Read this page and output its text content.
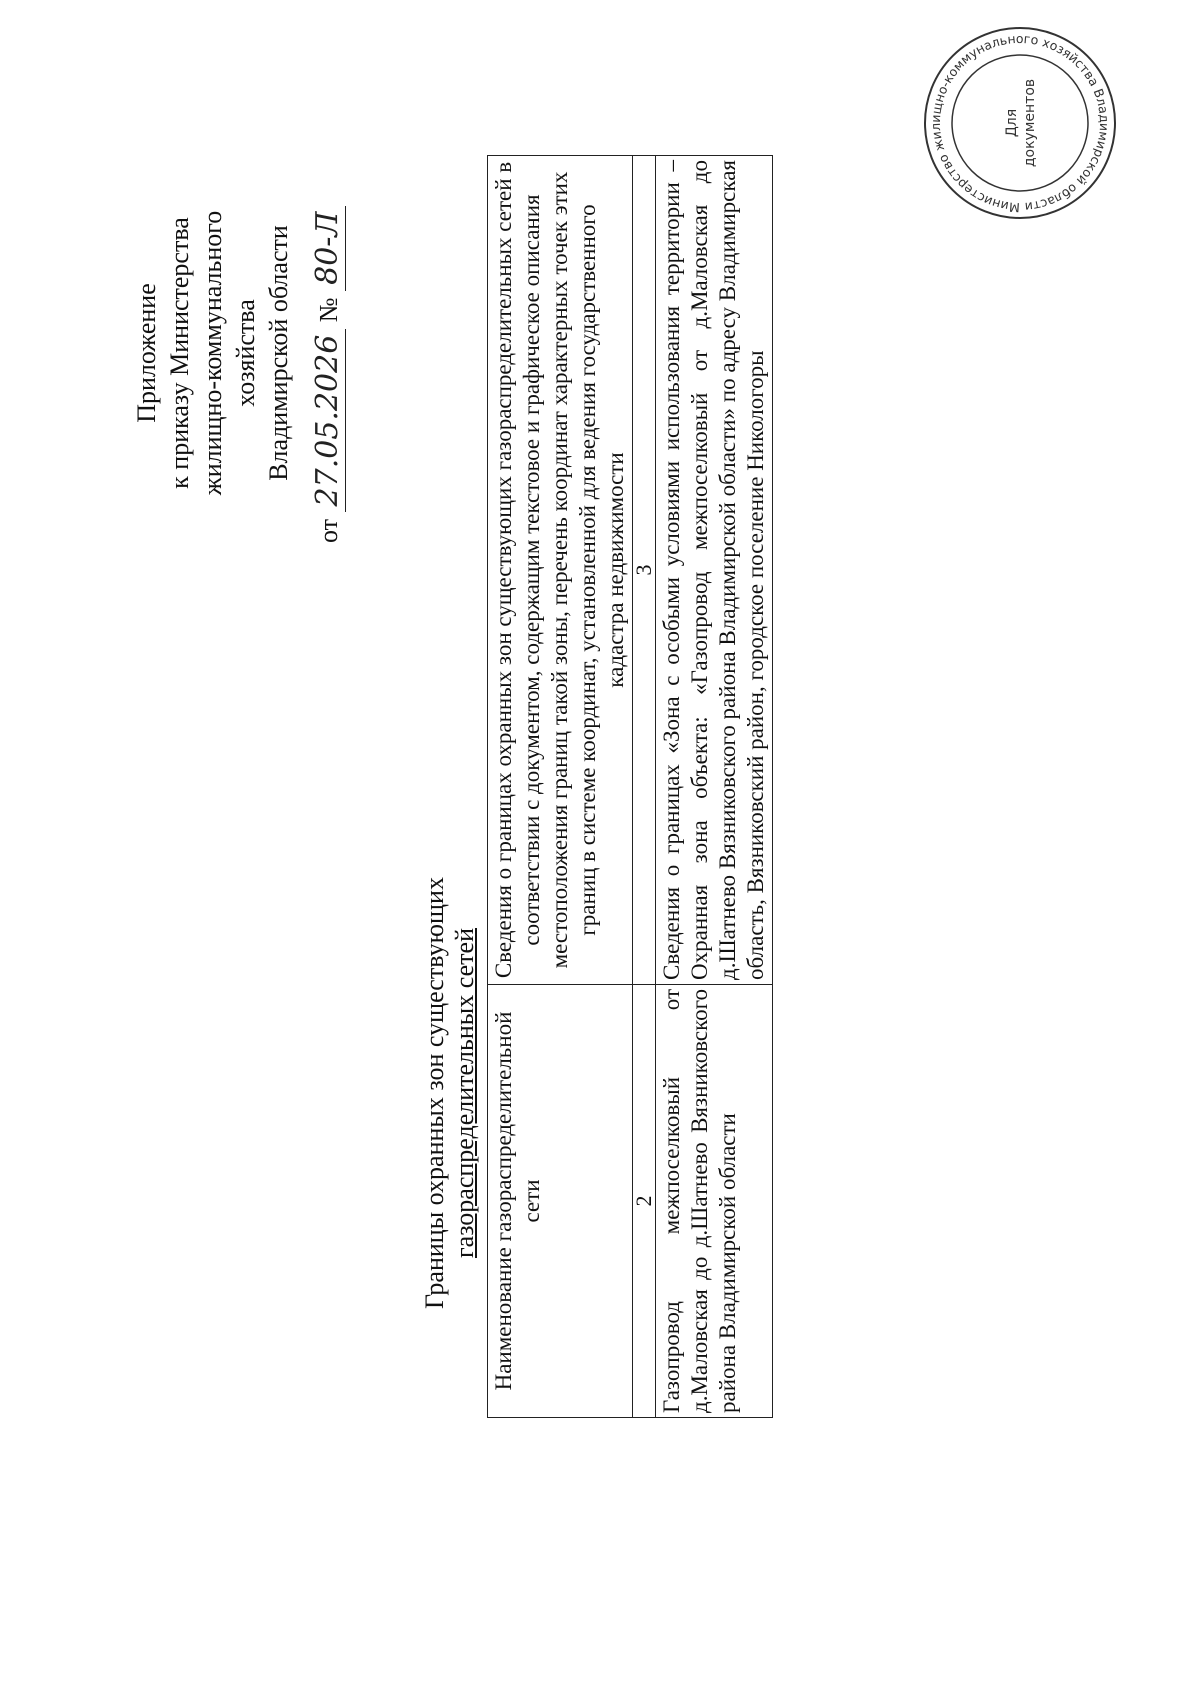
Приложение к приказу Министерства жилищно-коммунального хозяйства Владимирской области
от 27.05.2026 № 80-Л
Границы охранных зон существующих газораспределительных сетей Наименование газораспределительной сети	Сведения о границах охранных зон существующих газораспределительных сетей в соответствии с документом, содержащим текстовое и графическое описания местоположения границ такой зоны, перечень координат характерных точек этих границ в системе координат, установленной для ведения государственного кадастра недвижимости
2	3
Газопровод межпоселковый от д.Маловская до д.Шатнево Вязниковского района Владимирской области	Сведения о границах «Зона с особыми условиями использования территории – Охранная зона объекта: «Газопровод межпоселковый от д.Маловская до д.Шатнево Вязниковского района Владимирской области» по адресу Владимирская область, Вязниковский район, городское поселение Никологоры
Министерство жилищно-коммунального хозяйства Владимирской области
Для документов
